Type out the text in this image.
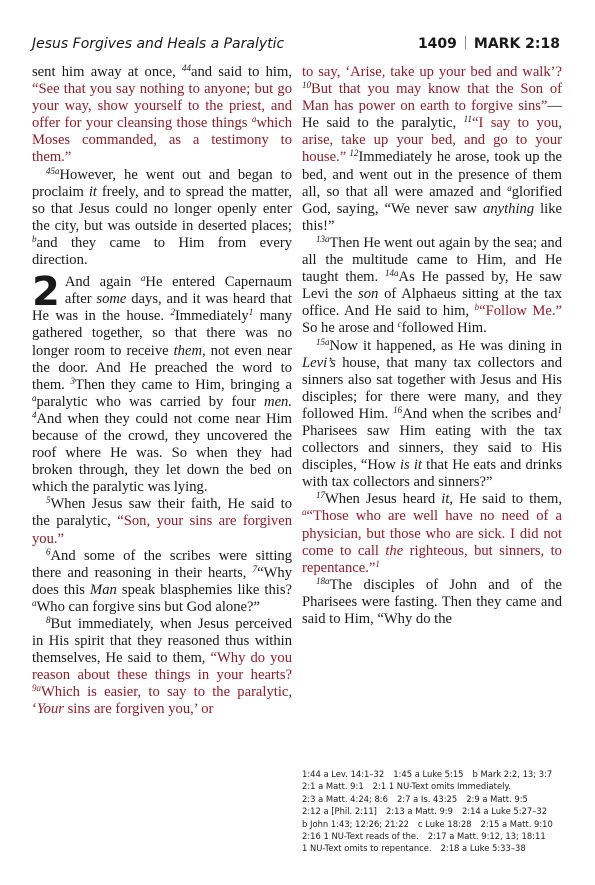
Jesus Forgives and Heals a Paralytic	1409 MARK 2:18

sent him away at once, $^{44}$and said to him, “See that you say nothing to anyone; but go your way, show yourself to the priest, and offer for your cleansing those things $^a$which Moses commanded, as a testimony to them.”

$^{45a}$However, he went out and began to proclaim it freely, and to spread the matter, so that Jesus could no longer openly enter the city, but was outside in deserted places; $^b$and they came to Him from every direction.

2 And again $^a$He entered Capernaum after some days, and it was heard that He was in the house. $^2$Immediately$^1$ many gathered together, so that there was no longer room to receive them, not even near the door. And He preached the word to them. $^3$Then they came to Him, bringing a $^a$paralytic who was carried by four men. $^4$And when they could not come near Him because of the crowd, they uncovered the roof where He was. So when they had broken through, they let down the bed on which the paralytic was lying.

$^5$When Jesus saw their faith, He said to the paralytic, “Son, your sins are forgiven you.”

$^6$And some of the scribes were sitting there and reasoning in their hearts, $^7$“Why does this Man speak blasphemies like this? $^a$Who can forgive sins but God alone?”

$^8$But immediately, when Jesus perceived in His spirit that they reasoned thus within themselves, He said to them, “Why do you reason about these things in your hearts? $^{9a}$Which is easier, to say to the paralytic, ‘Your sins are forgiven you,’ or

to say, ‘Arise, take up your bed and walk’? $^{10}$But that you may know that the Son of Man has power on earth to forgive sins”—He said to the paralytic, $^{11}$“I say to you, arise, take up your bed, and go to your house.” $^{12}$Immediately he arose, took up the bed, and went out in the presence of them all, so that all were amazed and $^a$glorified God, saying, “We never saw anything like this!”

$^{13a}$Then He went out again by the sea; and all the multitude came to Him, and He taught them. $^{14a}$As He passed by, He saw Levi the son of Alphaeus sitting at the tax office. And He said to him, $^b$“Follow Me.” So he arose and $^c$followed Him.

$^{15a}$Now it happened, as He was dining in Levi’s house, that many tax collectors and sinners also sat together with Jesus and His disciples; for there were many, and they followed Him. $^{16}$And when the scribes and$^1$ Pharisees saw Him eating with the tax collectors and sinners, they said to His disciples, “How is it that He eats and drinks with tax collectors and sinners?”

$^{17}$When Jesus heard it, He said to them, $^a$“Those who are well have no need of a physician, but those who are sick. I did not come to call the righteous, but sinners, to repentance.”$^1$

$^{18a}$The disciples of John and of the Pharisees were fasting. Then they came and said to Him, “Why do the

1:44 a Lev. 14:1–32 1:45 a Luke 5:15 b Mark 2:2, 13; 3:7
2:1 a Matt. 9:1 2:1 1 NU-Text omits Immediately.
2:3 a Matt. 4:24; 8:6 2:7 a Is. 43:25 2:9 a Matt. 9:5
2:12 a [Phil. 2:11] 2:13 a Matt. 9:9 2:14 a Luke 5:27–32
b John 1:43; 12:26; 21:22 c Luke 18:28 2:15 a Matt. 9:10
2:16 1 NU-Text reads of the. 2:17 a Matt. 9:12, 13; 18:11
1 NU-Text omits to repentance. 2:18 a Luke 5:33–38
